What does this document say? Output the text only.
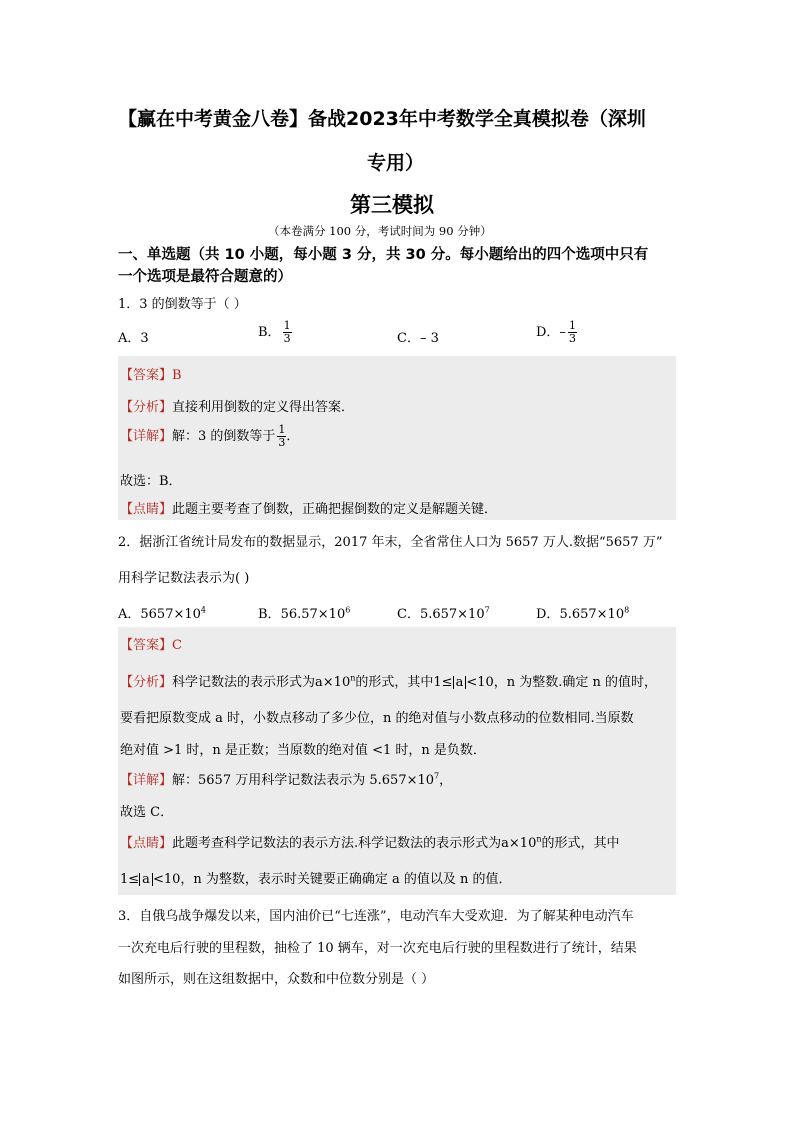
【赢在中考黄金八卷】备战2023年中考数学全真模拟卷（深圳
专用）
第三模拟
（本卷满分 100 分，考试时间为 90 分钟）
一、单选题（共 10 小题，每小题 3 分，共 30 分。每小题给出的四个选项中只有
一个选项是最符合题意的）
1．3 的倒数等于（ ）
A．3	B． $\frac{1}{3}$	C．– 3	D．– $\frac{1}{3}$
【答案】B
【分析】直接利用倒数的定义得出答案．
【详解】解：3 的倒数等于 $\frac{1}{3}$ ．
故选：B．
【点睛】此题主要考查了倒数，正确把握倒数的定义是解题关键．
2．据浙江省统计局发布的数据显示，2017 年末，全省常住人口为 5657 万人.数据“5657 万”
用科学记数法表示为( )
A．$5657\times 10^4$	B．$56.57\times 10^6$	C．$5.657\times 10^7$	D．$5.657\times 10^8$
【答案】C
【分析】科学记数法的表示形式为$a\times 10^n$的形式，其中1≤ a <10，n 为整数.确定 n 的值时，
要看把原数变成 a 时，小数点移动了多少位，n 的绝对值与小数点移动的位数相同.当原数
绝对值 >1 时，n 是正数；当原数的绝对值 <1 时，n 是负数．
【详解】解：5657 万用科学记数法表示为 $5.657\times 10^7$，
故选 C．
【点睛】此题考查科学记数法的表示方法.科学记数法的表示形式为$a\times 10^n$的形式，其中
1≤ a <10，n 为整数，表示时关键要正确确定 a 的值以及 n 的值．
3．自俄乌战争爆发以来，国内油价已“七连涨”，电动汽车大受欢迎．为了解某种电动汽车
一次充电后行驶的里程数，抽检了 10 辆车，对一次充电后行驶的里程数进行了统计，结果
如图所示，则在这组数据中，众数和中位数分别是（ ）
